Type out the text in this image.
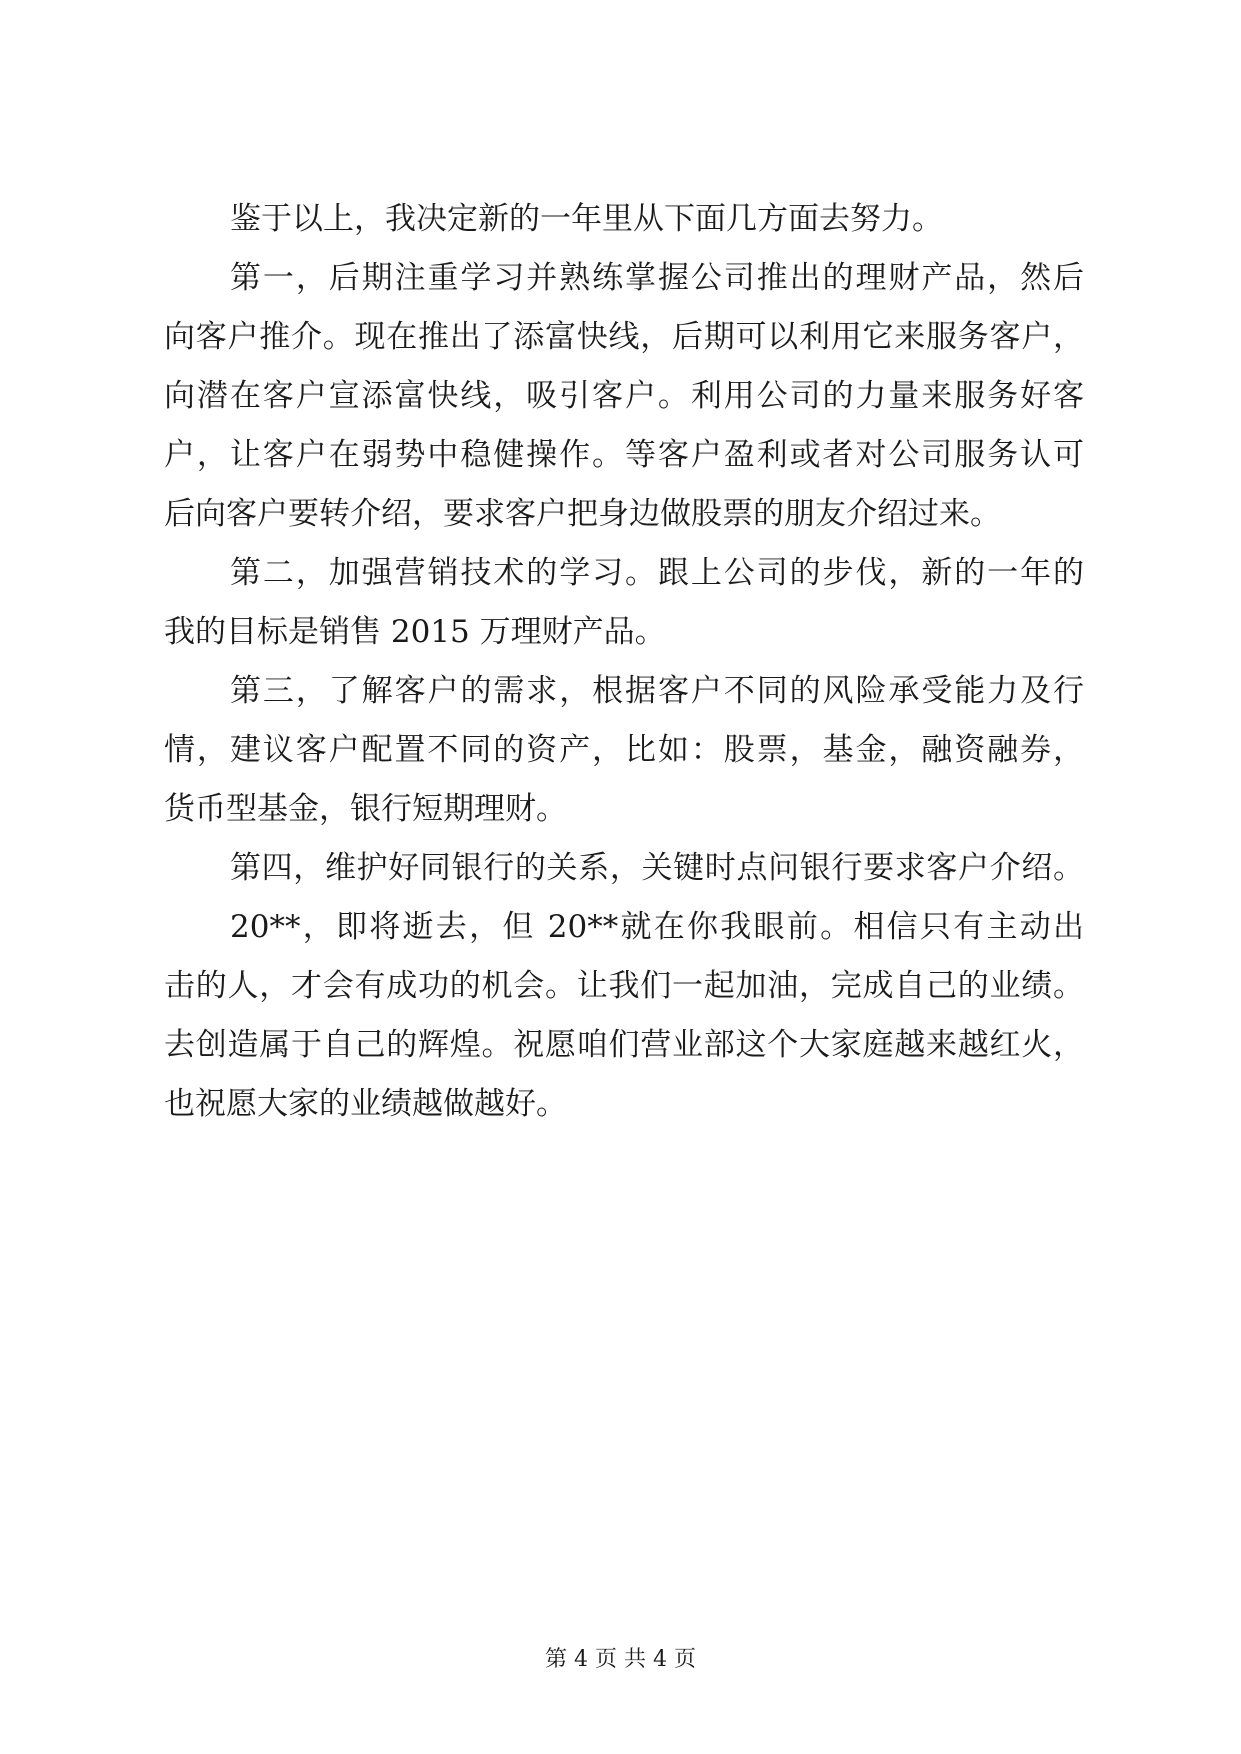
鉴于以上，我决定新的一年里从下面几方面去努力。
第一，后期注重学习并熟练掌握公司推出的理财产品，然后
向客户推介。现在推出了添富快线，后期可以利用它来服务客户，
向潜在客户宣添富快线，吸引客户。利用公司的力量来服务好客
户，让客户在弱势中稳健操作。等客户盈利或者对公司服务认可
后向客户要转介绍，要求客户把身边做股票的朋友介绍过来。
第二，加强营销技术的学习。跟上公司的步伐，新的一年的
我的目标是销售 2015 万理财产品。
第三，了解客户的需求，根据客户不同的风险承受能力及行
情，建议客户配置不同的资产，比如：股票，基金，融资融券，
货币型基金，银行短期理财。
第四，维护好同银行的关系，关键时点问银行要求客户介绍。
20**，即将逝去，但 20**就在你我眼前。相信只有主动出
击的人，才会有成功的机会。让我们一起加油，完成自己的业绩。
去创造属于自己的辉煌。祝愿咱们营业部这个大家庭越来越红火，
也祝愿大家的业绩越做越好。
第 4 页 共 4 页
